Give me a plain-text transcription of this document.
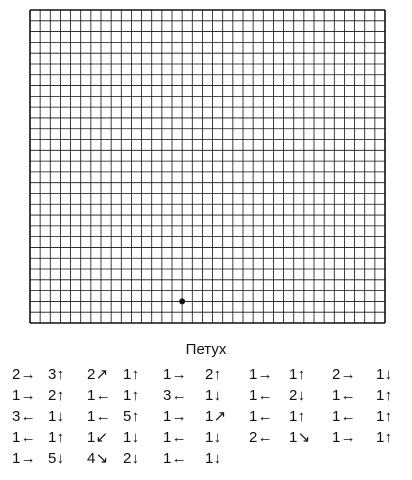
Петух
2→ 3↑ 2↗ 1↑ 1→ 2↑ 1→ 1↑ 2→ 1↓
1→ 2↑ 1← 1↑ 3← 1↓ 1← 2↓ 1← 1↑
3← 1↓ 1← 5↑ 1→ 1↗ 1← 1↑ 1← 1↑
1← 1↑ 1↙ 1↓ 1← 1↓ 2← 1↘ 1→ 1↑
1→ 5↓ 4↘ 2↓ 1← 1↓
